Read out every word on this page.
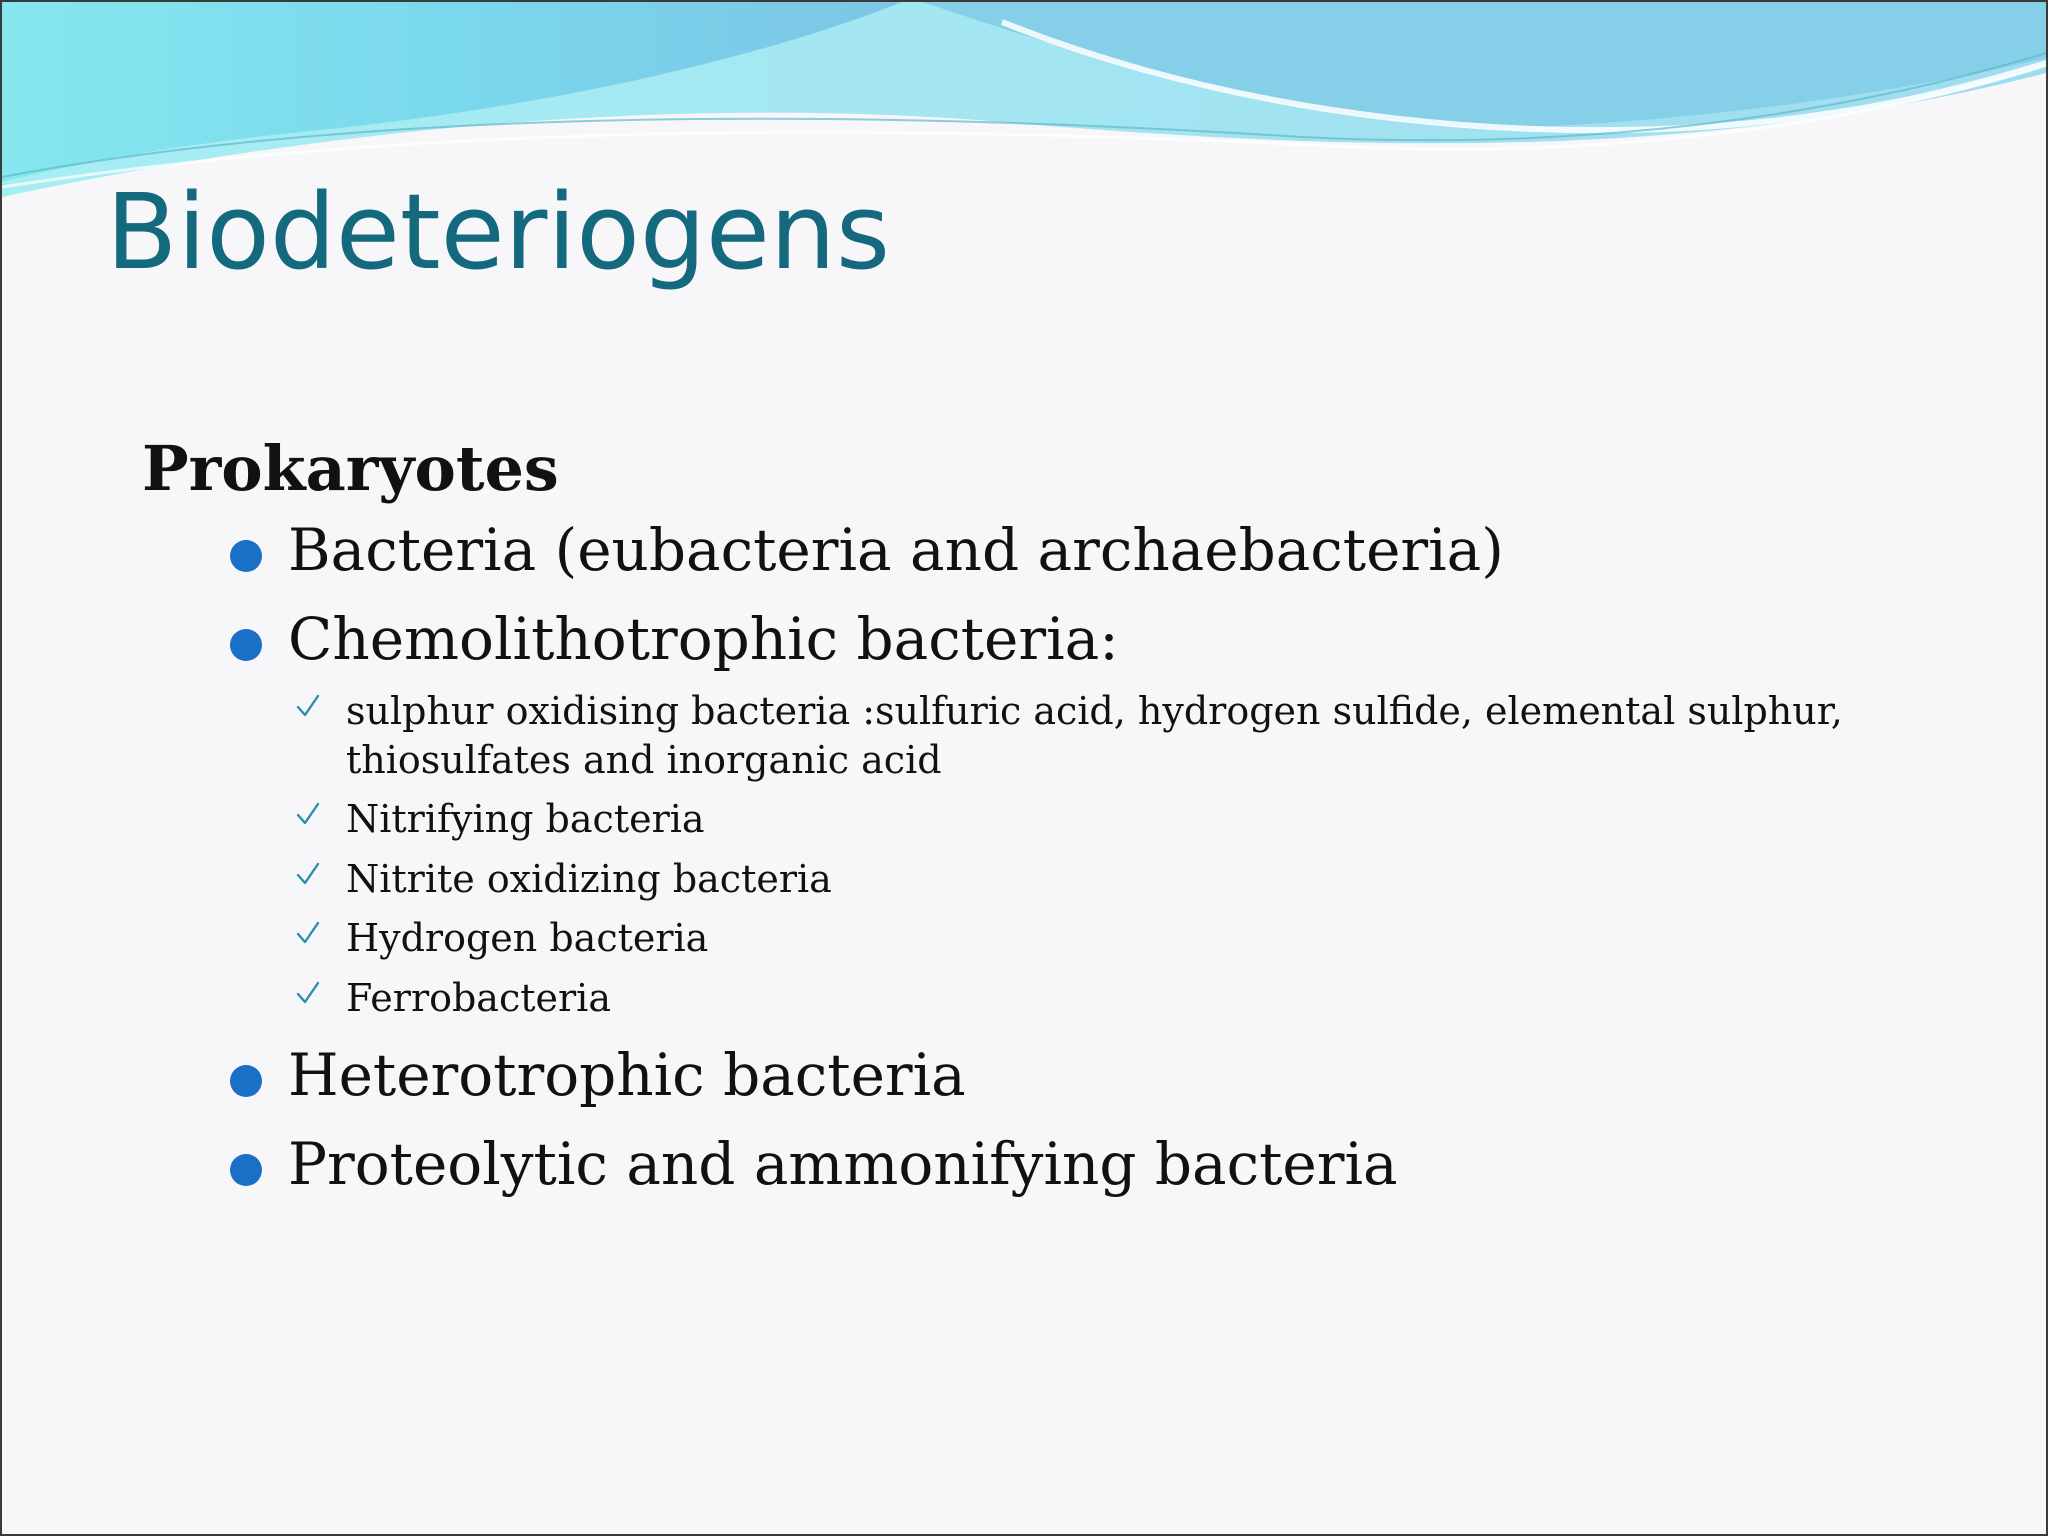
Biodeteriogens
Prokaryotes
Bacteria (eubacteria and archaebacteria)
Chemolithotrophic bacteria:
sulphur oxidising bacteria :sulfuric acid, hydrogen sulfide, elemental sulphur, thiosulfates and inorganic acid
Nitrifying bacteria
Nitrite oxidizing bacteria
Hydrogen bacteria
Ferrobacteria
Heterotrophic bacteria
Proteolytic and ammonifying bacteria
